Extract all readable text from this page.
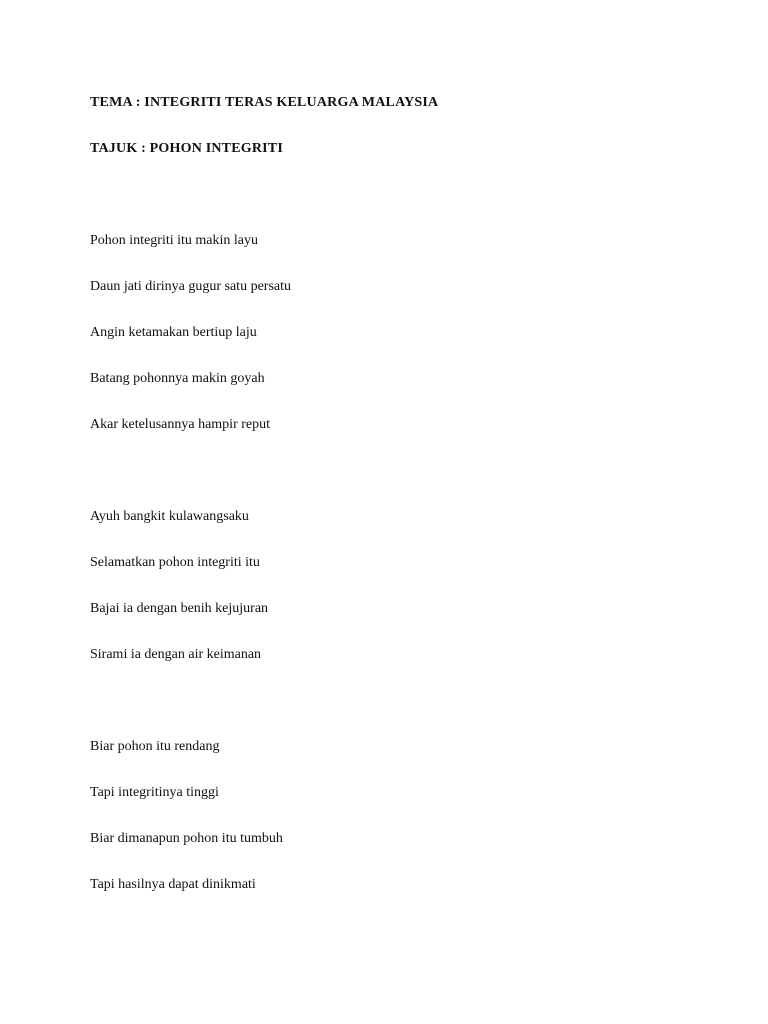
TEMA : INTEGRITI TERAS KELUARGA MALAYSIA
TAJUK : POHON INTEGRITI
Pohon integriti itu makin layu
Daun jati dirinya gugur satu persatu
Angin ketamakan bertiup laju
Batang pohonnya makin goyah
Akar ketelusannya hampir reput
Ayuh bangkit kulawangsaku
Selamatkan pohon integriti itu
Bajai ia dengan benih kejujuran
Sirami ia dengan air keimanan
Biar pohon itu rendang
Tapi integritinya tinggi
Biar dimanapun pohon itu tumbuh
Tapi hasilnya dapat dinikmati
